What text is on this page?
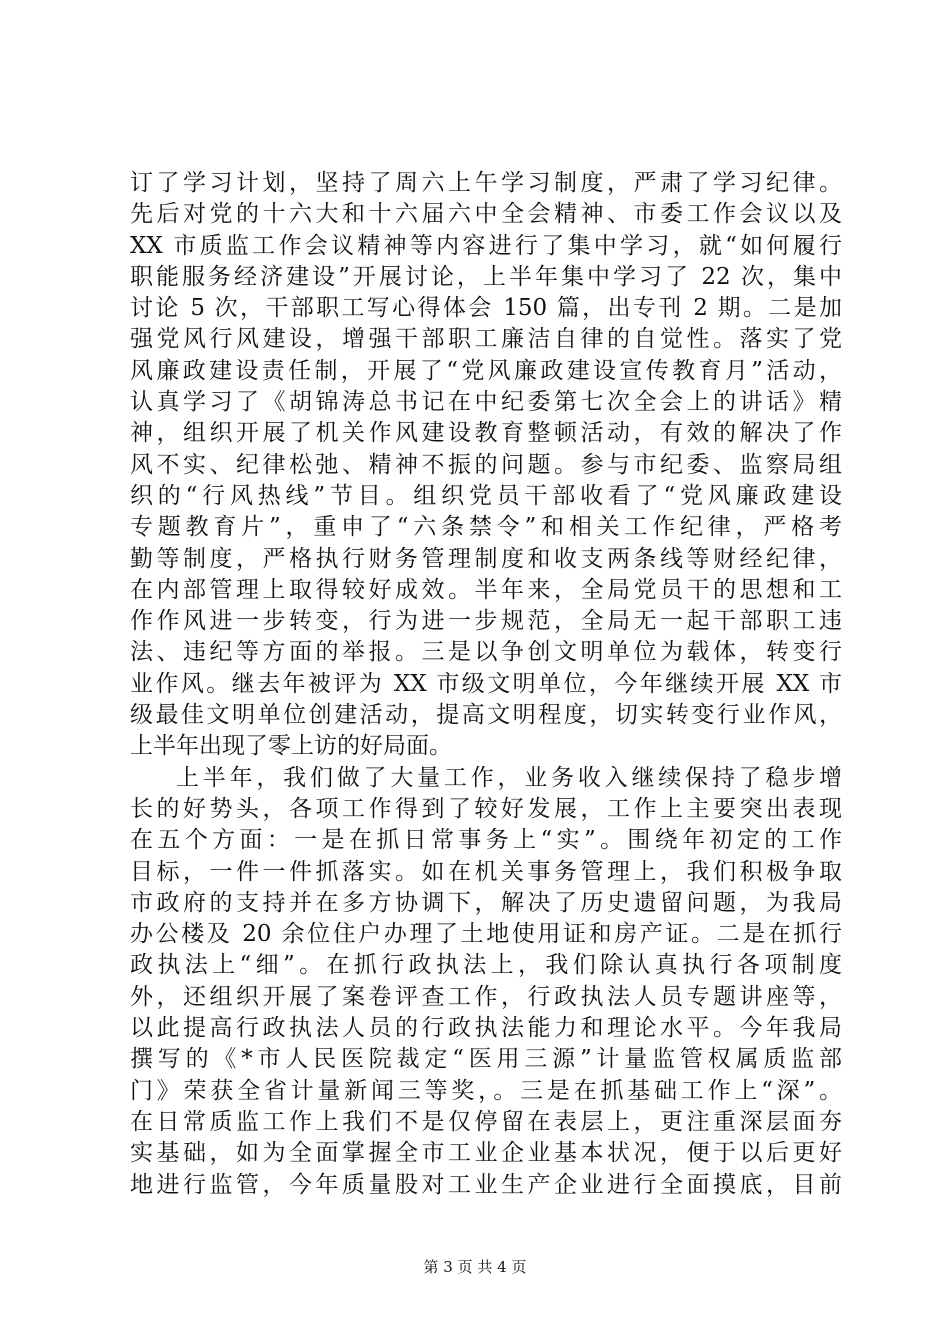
订了学习计划，坚持了周六上午学习制度，严肃了学习纪律。
先后对党的十六大和十六届六中全会精神、市委工作会议以及
XX 市质监工作会议精神等内容进行了集中学习，就“如何履行
职能服务经济建设”开展讨论，上半年集中学习了 22 次，集中
讨论 5 次，干部职工写心得体会 150 篇，出专刊 2 期。二是加
强党风行风建设，增强干部职工廉洁自律的自觉性。落实了党
风廉政建设责任制，开展了“党风廉政建设宣传教育月”活动，
认真学习了《胡锦涛总书记在中纪委第七次全会上的讲话》精
神，组织开展了机关作风建设教育整顿活动，有效的解决了作
风不实、纪律松弛、精神不振的问题。参与市纪委、监察局组
织的“行风热线”节目。组织党员干部收看了“党风廉政建设
专题教育片”，重申了“六条禁令”和相关工作纪律，严格考
勤等制度，严格执行财务管理制度和收支两条线等财经纪律，
在内部管理上取得较好成效。半年来，全局党员干的思想和工
作作风进一步转变，行为进一步规范，全局无一起干部职工违
法、违纪等方面的举报。三是以争创文明单位为载体，转变行
业作风。继去年被评为 XX 市级文明单位，今年继续开展 XX 市
级最佳文明单位创建活动，提高文明程度，切实转变行业作风，
上半年出现了零上访的好局面。
上半年，我们做了大量工作，业务收入继续保持了稳步增
长的好势头，各项工作得到了较好发展，工作上主要突出表现
在五个方面：一是在抓日常事务上“实”。围绕年初定的工作
目标，一件一件抓落实。如在机关事务管理上，我们积极争取
市政府的支持并在多方协调下，解决了历史遗留问题，为我局
办公楼及 20 余位住户办理了土地使用证和房产证。二是在抓行
政执法上“细”。在抓行政执法上，我们除认真执行各项制度
外，还组织开展了案卷评查工作，行政执法人员专题讲座等，
以此提高行政执法人员的行政执法能力和理论水平。今年我局
撰写的《*市人民医院裁定“医用三源”计量监管权属质监部
门》荣获全省计量新闻三等奖，。三是在抓基础工作上“深”。
在日常质监工作上我们不是仅停留在表层上，更注重深层面夯
实基础，如为全面掌握全市工业企业基本状况，便于以后更好
地进行监管，今年质量股对工业生产企业进行全面摸底，目前
第 3 页 共 4 页
